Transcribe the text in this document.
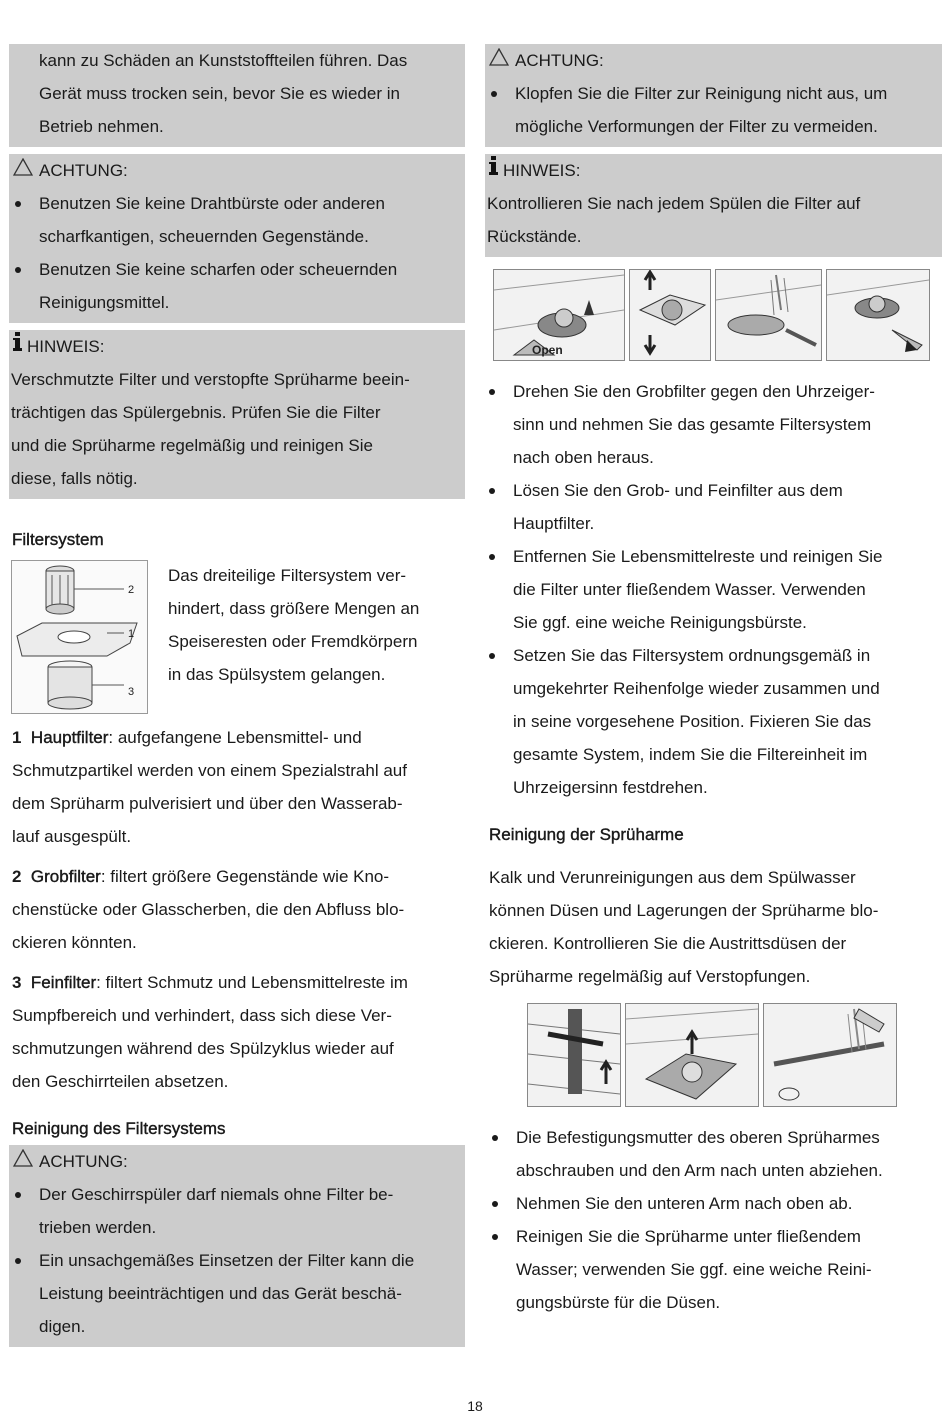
kann zu Schäden an Kunststoffteilen führen. Das

Gerät muss trocken sein, bevor Sie es wieder in

Betrieb nehmen.

ACHTUNG:
Benutzen Sie keine Drahtbürste oder anderen
scharfkantigen, scheuernden Gegenstände.
Benutzen Sie keine scharfen oder scheuernden
Reinigungsmittel.
HINWEIS:

Verschmutzte Filter und verstopfte Sprüharme beein-

trächtigen das Spülergebnis. Prüfen Sie die Filter

und die Sprüharme regelmäßig und reinigen Sie

diese, falls nötig.

Filtersystem

2
1
3

Das dreiteilige Filtersystem ver-

hindert, dass größere Mengen an

Speiseresten oder Fremdkörpern

in das Spülsystem gelangen.

1 Hauptfilter: aufgefangene Lebensmittel- und

Schmutzpartikel werden von einem Spezialstrahl auf

dem Sprüharm pulverisiert und über den Wasserab-

lauf ausgespült.

2 Grobfilter: filtert größere Gegenstände wie Kno-

chenstücke oder Glasscherben, die den Abfluss blo-

ckieren könnten.

3 Feinfilter: filtert Schmutz und Lebensmittelreste im

Sumpfbereich und verhindert, dass sich diese Ver-

schmutzungen während des Spülzyklus wieder auf

den Geschirrteilen absetzen.

Reinigung des Filtersystems

ACHTUNG:
Der Geschirrspüler darf niemals ohne Filter be-
trieben werden.
Ein unsachgemäßes Einsetzen der Filter kann die
Leistung beeinträchtigen und das Gerät beschä-
digen.
ACHTUNG:
Klopfen Sie die Filter zur Reinigung nicht aus, um
mögliche Verformungen der Filter zu vermeiden.
HINWEIS:

Kontrollieren Sie nach jedem Spülen die Filter auf

Rückstände.

Open
Drehen Sie den Grobfilter gegen den Uhrzeiger-
sinn und nehmen Sie das gesamte Filtersystem
nach oben heraus.
Lösen Sie den Grob- und Feinfilter aus dem
Hauptfilter.
Entfernen Sie Lebensmittelreste und reinigen Sie
die Filter unter fließendem Wasser. Verwenden
Sie ggf. eine weiche Reinigungsbürste.
Setzen Sie das Filtersystem ordnungsgemäß in
umgekehrter Reihenfolge wieder zusammen und
in seine vorgesehene Position. Fixieren Sie das
gesamte System, indem Sie die Filtereinheit im
Uhrzeigersinn festdrehen.

Reinigung der Sprüharme

Kalk und Verunreinigungen aus dem Spülwasser

können Düsen und Lagerungen der Sprüharme blo-

ckieren. Kontrollieren Sie die Austrittsdüsen der

Sprüharme regelmäßig auf Verstopfungen.

Die Befestigungsmutter des oberen Sprüharmes
abschrauben und den Arm nach unten abziehen.
Nehmen Sie den unteren Arm nach oben ab.
Reinigen Sie die Sprüharme unter fließendem
Wasser; verwenden Sie ggf. eine weiche Reini-
gungsbürste für die Düsen.
18
